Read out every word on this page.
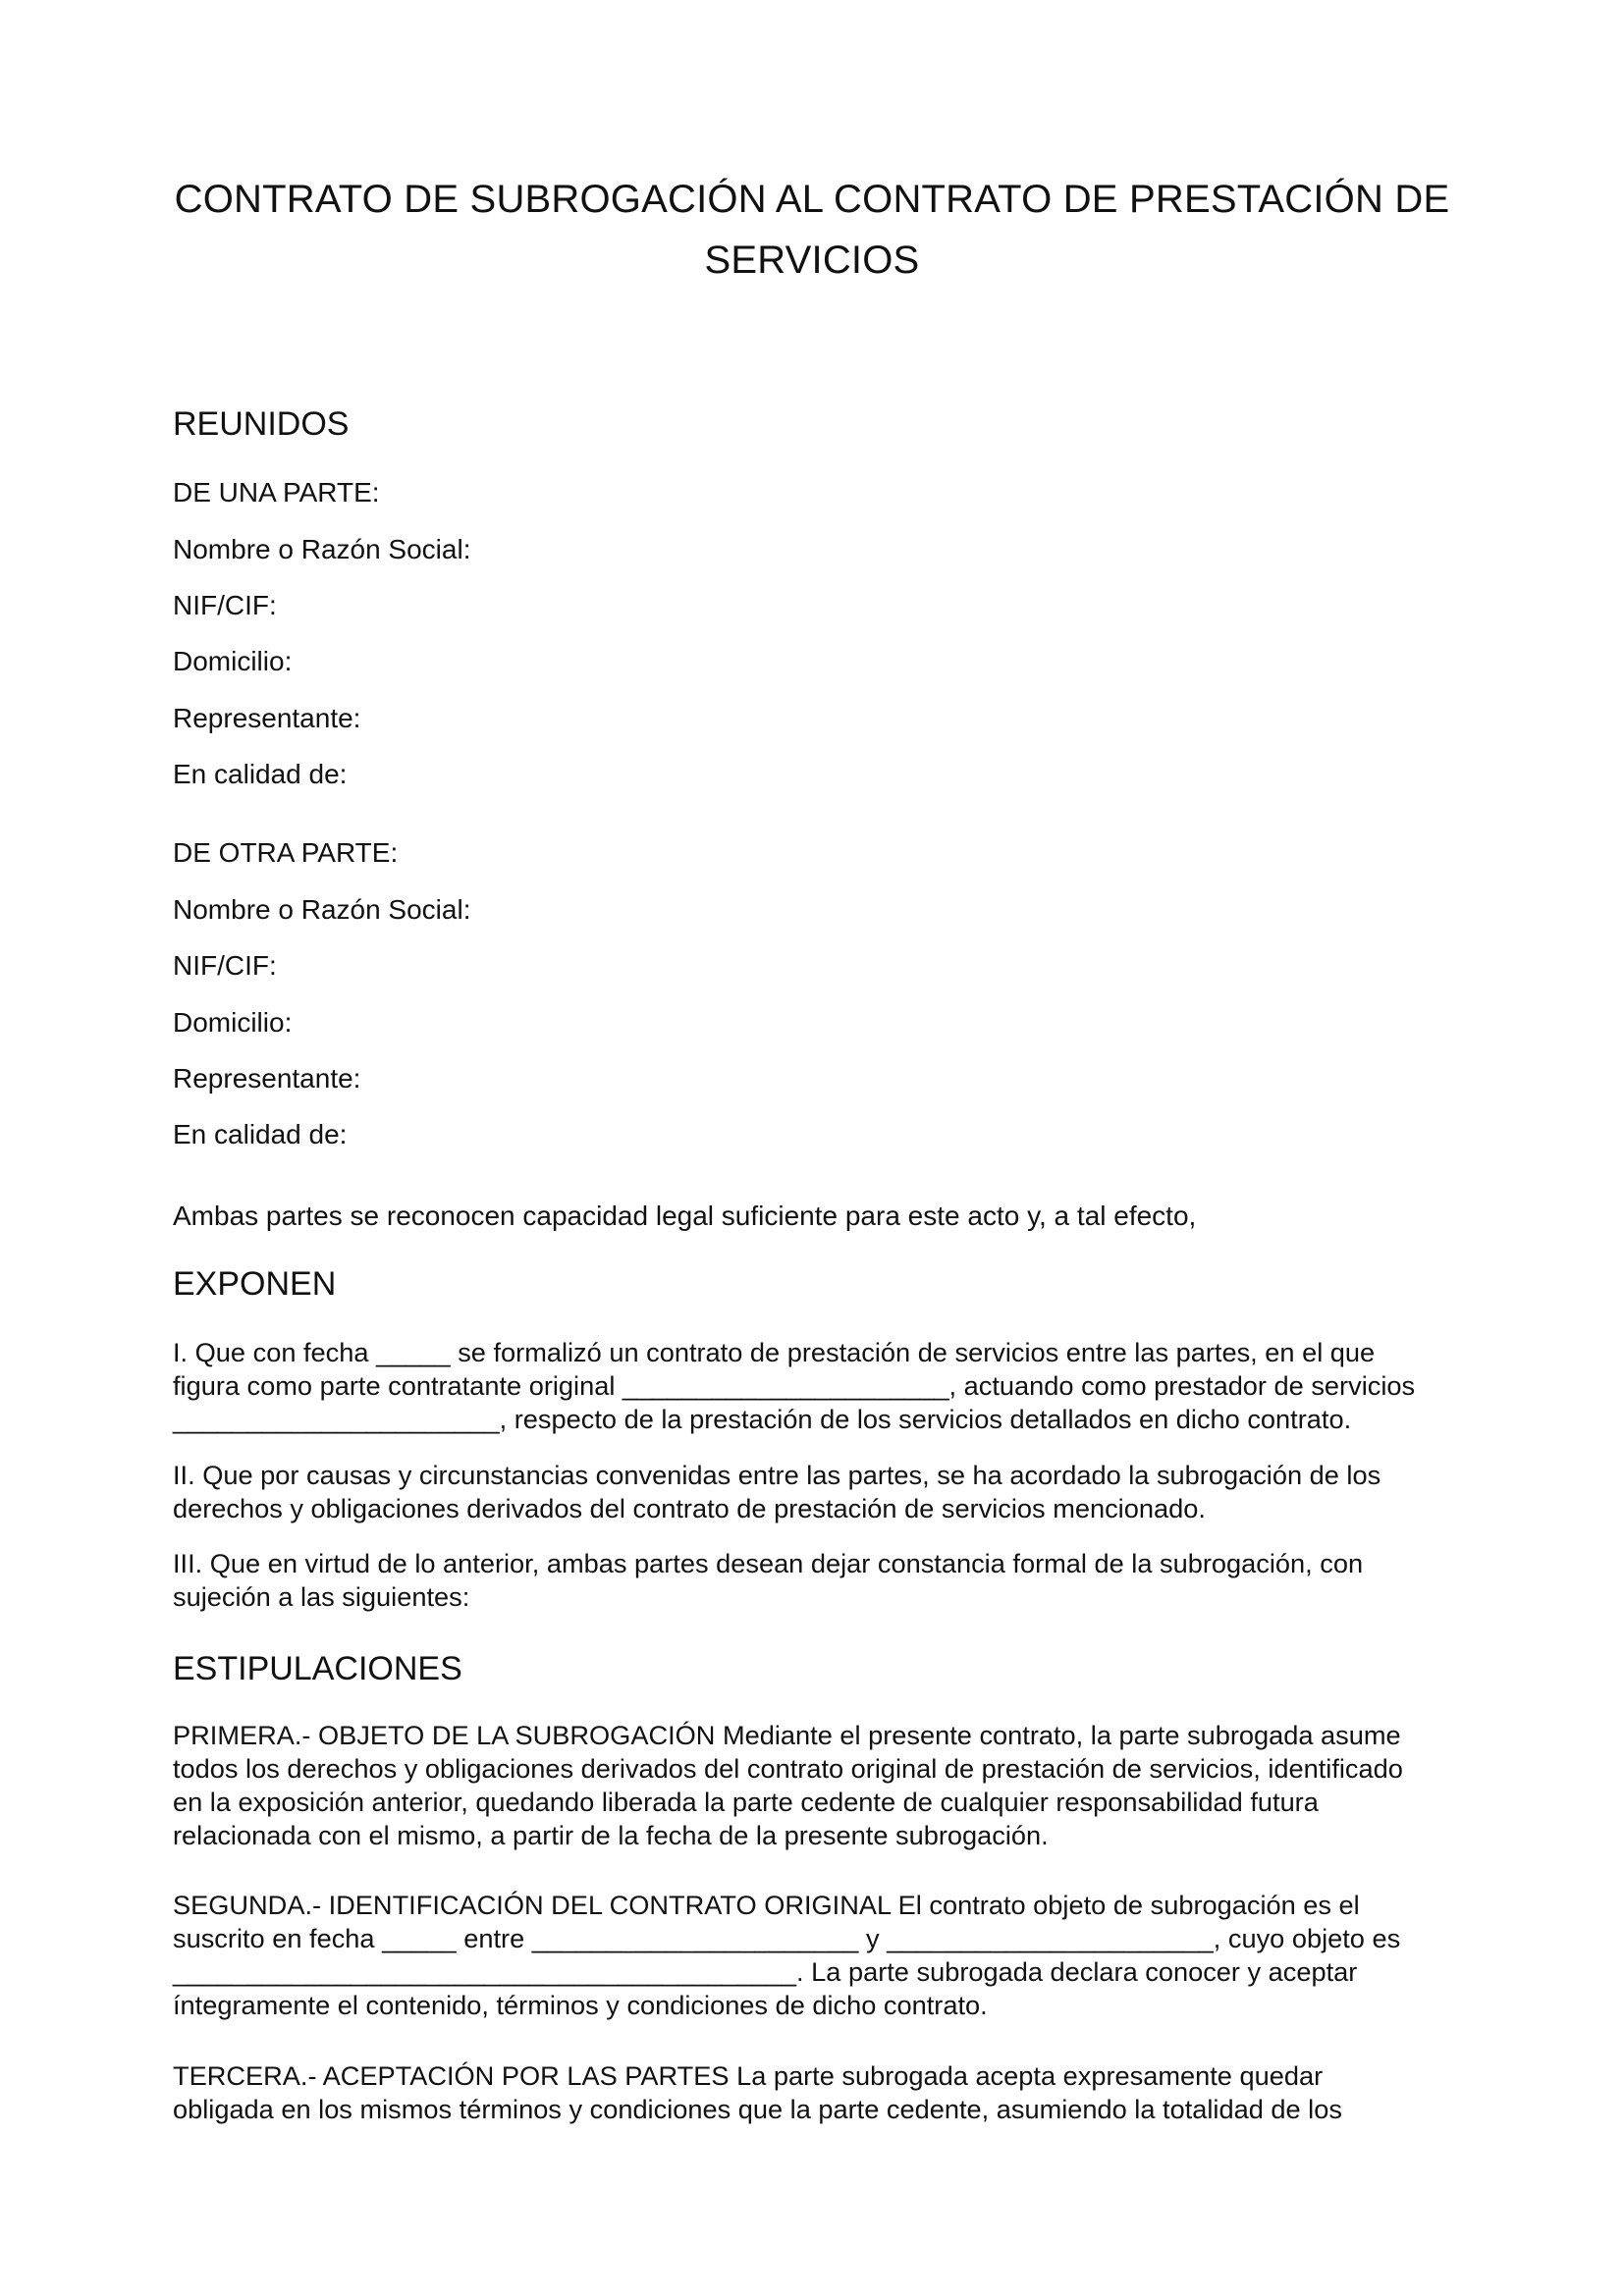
CONTRATO DE SUBROGACIÓN AL CONTRATO DE PRESTACIÓN DE
SERVICIOS
REUNIDOS
DE UNA PARTE:
Nombre o Razón Social:
NIF/CIF:
Domicilio:
Representante:
En calidad de:
DE OTRA PARTE:
Nombre o Razón Social:
NIF/CIF:
Domicilio:
Representante:
En calidad de:
Ambas partes se reconocen capacidad legal suficiente para este acto y, a tal efecto,
EXPONEN
I. Que con fecha _____ se formalizó un contrato de prestación de servicios entre las partes, en el que
figura como parte contratante original ______________________, actuando como prestador de servicios
______________________, respecto de la prestación de los servicios detallados en dicho contrato.
II. Que por causas y circunstancias convenidas entre las partes, se ha acordado la subrogación de los
derechos y obligaciones derivados del contrato de prestación de servicios mencionado.
III. Que en virtud de lo anterior, ambas partes desean dejar constancia formal de la subrogación, con
sujeción a las siguientes:
ESTIPULACIONES
PRIMERA.- OBJETO DE LA SUBROGACIÓN Mediante el presente contrato, la parte subrogada asume
todos los derechos y obligaciones derivados del contrato original de prestación de servicios, identificado
en la exposición anterior, quedando liberada la parte cedente de cualquier responsabilidad futura
relacionada con el mismo, a partir de la fecha de la presente subrogación.
SEGUNDA.- IDENTIFICACIÓN DEL CONTRATO ORIGINAL El contrato objeto de subrogación es el
suscrito en fecha _____ entre ______________________ y ______________________, cuyo objeto es
__________________________________________. La parte subrogada declara conocer y aceptar
íntegramente el contenido, términos y condiciones de dicho contrato.
TERCERA.- ACEPTACIÓN POR LAS PARTES La parte subrogada acepta expresamente quedar
obligada en los mismos términos y condiciones que la parte cedente, asumiendo la totalidad de los
